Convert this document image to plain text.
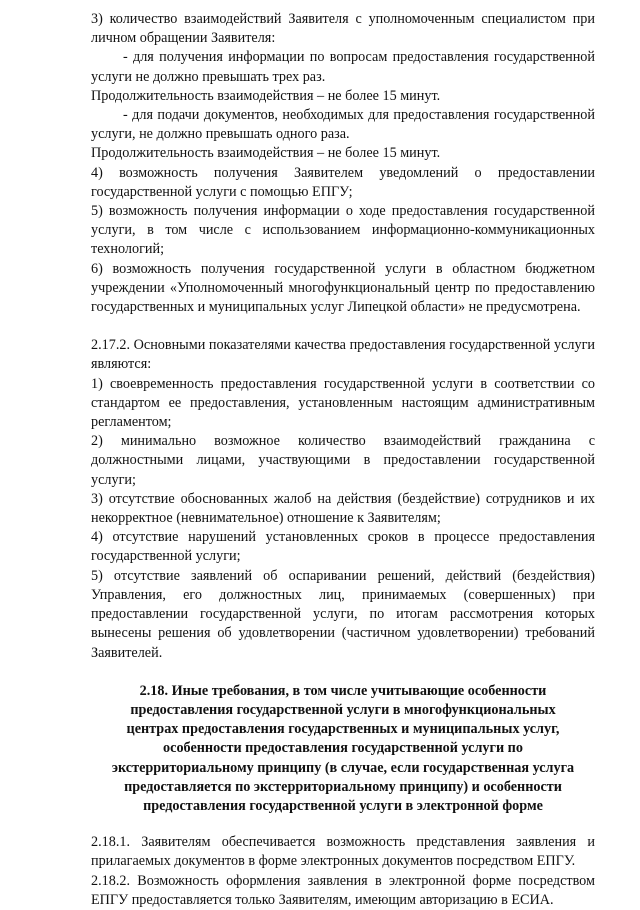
3) количество взаимодействий Заявителя с уполномоченным специалистом при личном обращении Заявителя:

- для получения информации по вопросам предоставления государственной услуги не должно превышать трех раз.

Продолжительность взаимодействия – не более 15 минут.

- для подачи документов, необходимых для предоставления государственной услуги, не должно превышать одного раза.

Продолжительность взаимодействия – не более 15 минут.

4) возможность получения Заявителем уведомлений о предоставлении государственной услуги с помощью ЕПГУ;

5) возможность получения информации о ходе предоставления государственной услуги, в том числе с использованием информационно-коммуникационных технологий;

6) возможность получения государственной услуги в областном бюджетном учреждении «Уполномоченный многофункциональный центр по предоставлению государственных и муниципальных услуг Липецкой области» не предусмотрена.

2.17.2. Основными показателями качества предоставления государственной услуги являются:

1) своевременность предоставления государственной услуги в соответствии со стандартом ее предоставления, установленным настоящим административным регламентом;

2) минимально возможное количество взаимодействий гражданина с должностными лицами, участвующими в предоставлении государственной услуги;

3) отсутствие обоснованных жалоб на действия (бездействие) сотрудников и их некорректное (невнимательное) отношение к Заявителям;

4) отсутствие нарушений установленных сроков в процессе предоставления государственной услуги;

5) отсутствие заявлений об оспаривании решений, действий (бездействия) Управления, его должностных лиц, принимаемых (совершенных) при предоставлении государственной услуги, по итогам рассмотрения которых вынесены решения об удовлетворении (частичном удовлетворении) требований Заявителей.

2.18. Иные требования, в том числе учитывающие особенности

предоставления государственной услуги в многофункциональных

центрах предоставления государственных и муниципальных услуг,

особенности предоставления государственной услуги по

экстерриториальному принципу (в случае, если государственная услуга

предоставляется по экстерриториальному принципу) и особенности

предоставления государственной услуги в электронной форме

2.18.1. Заявителям обеспечивается возможность представления заявления и прилагаемых документов в форме электронных документов посредством ЕПГУ.

2.18.2. Возможность оформления заявления в электронной форме посредством ЕПГУ предоставляется только Заявителям, имеющим авторизацию в ЕСИА.
